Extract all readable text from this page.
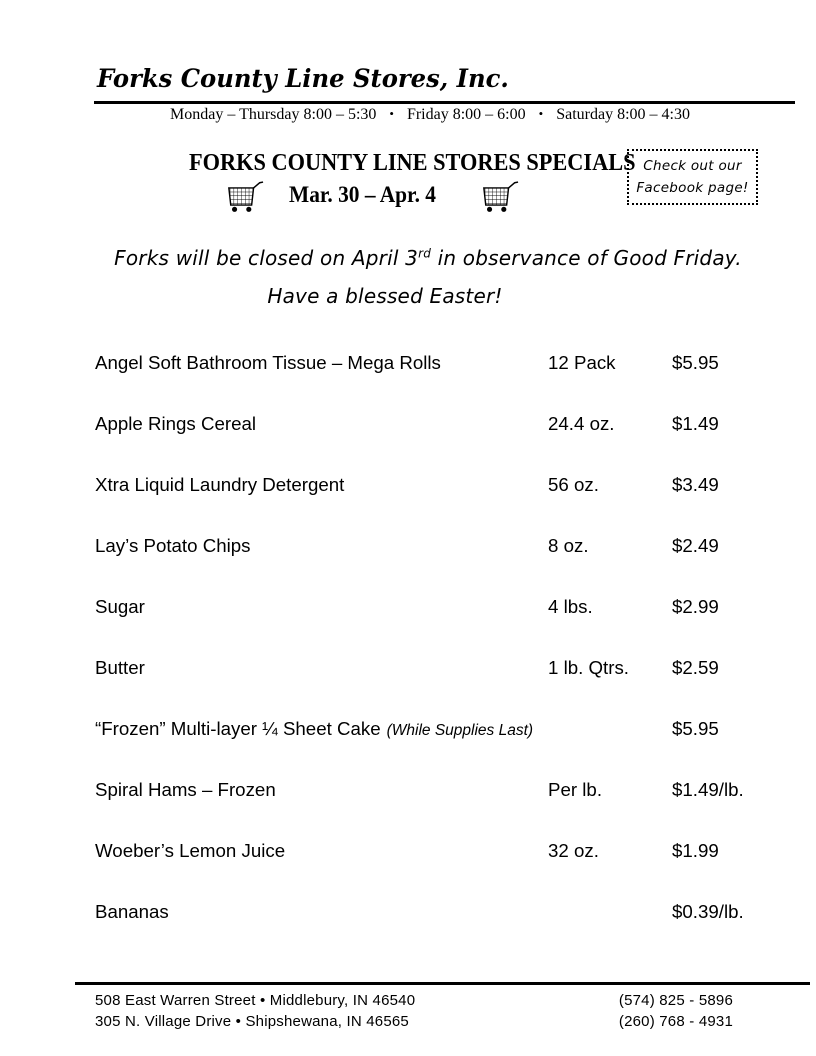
Forks County Line Stores, Inc.
Monday – Thursday 8:00 – 5:30 • Friday 8:00 – 6:00 • Saturday 8:00 – 4:30
FORKS COUNTY LINE STORES SPECIALS
Mar. 30 – Apr. 4
Check out our
Facebook page!
Forks will be closed on April 3rd in observance of Good Friday.
Have a blessed Easter!
Angel Soft Bathroom Tissue – Mega Rolls	12 Pack	$5.95
Apple Rings Cereal	24.4 oz.	$1.49
Xtra Liquid Laundry Detergent	56 oz.	$3.49
Lay’s Potato Chips	8 oz.	$2.49
Sugar	4 lbs.	$2.99
Butter	1 lb. Qtrs.	$2.59
“Frozen” Multi-layer ¼ Sheet Cake (While Supplies Last)	$5.95
Spiral Hams – Frozen	Per lb.	$1.49/lb.
Woeber’s Lemon Juice	32 oz.	$1.99
Bananas	$0.39/lb.
508 East Warren Street • Middlebury, IN 46540	(574) 825 - 5896
305 N. Village Drive • Shipshewana, IN 46565	(260) 768 - 4931
